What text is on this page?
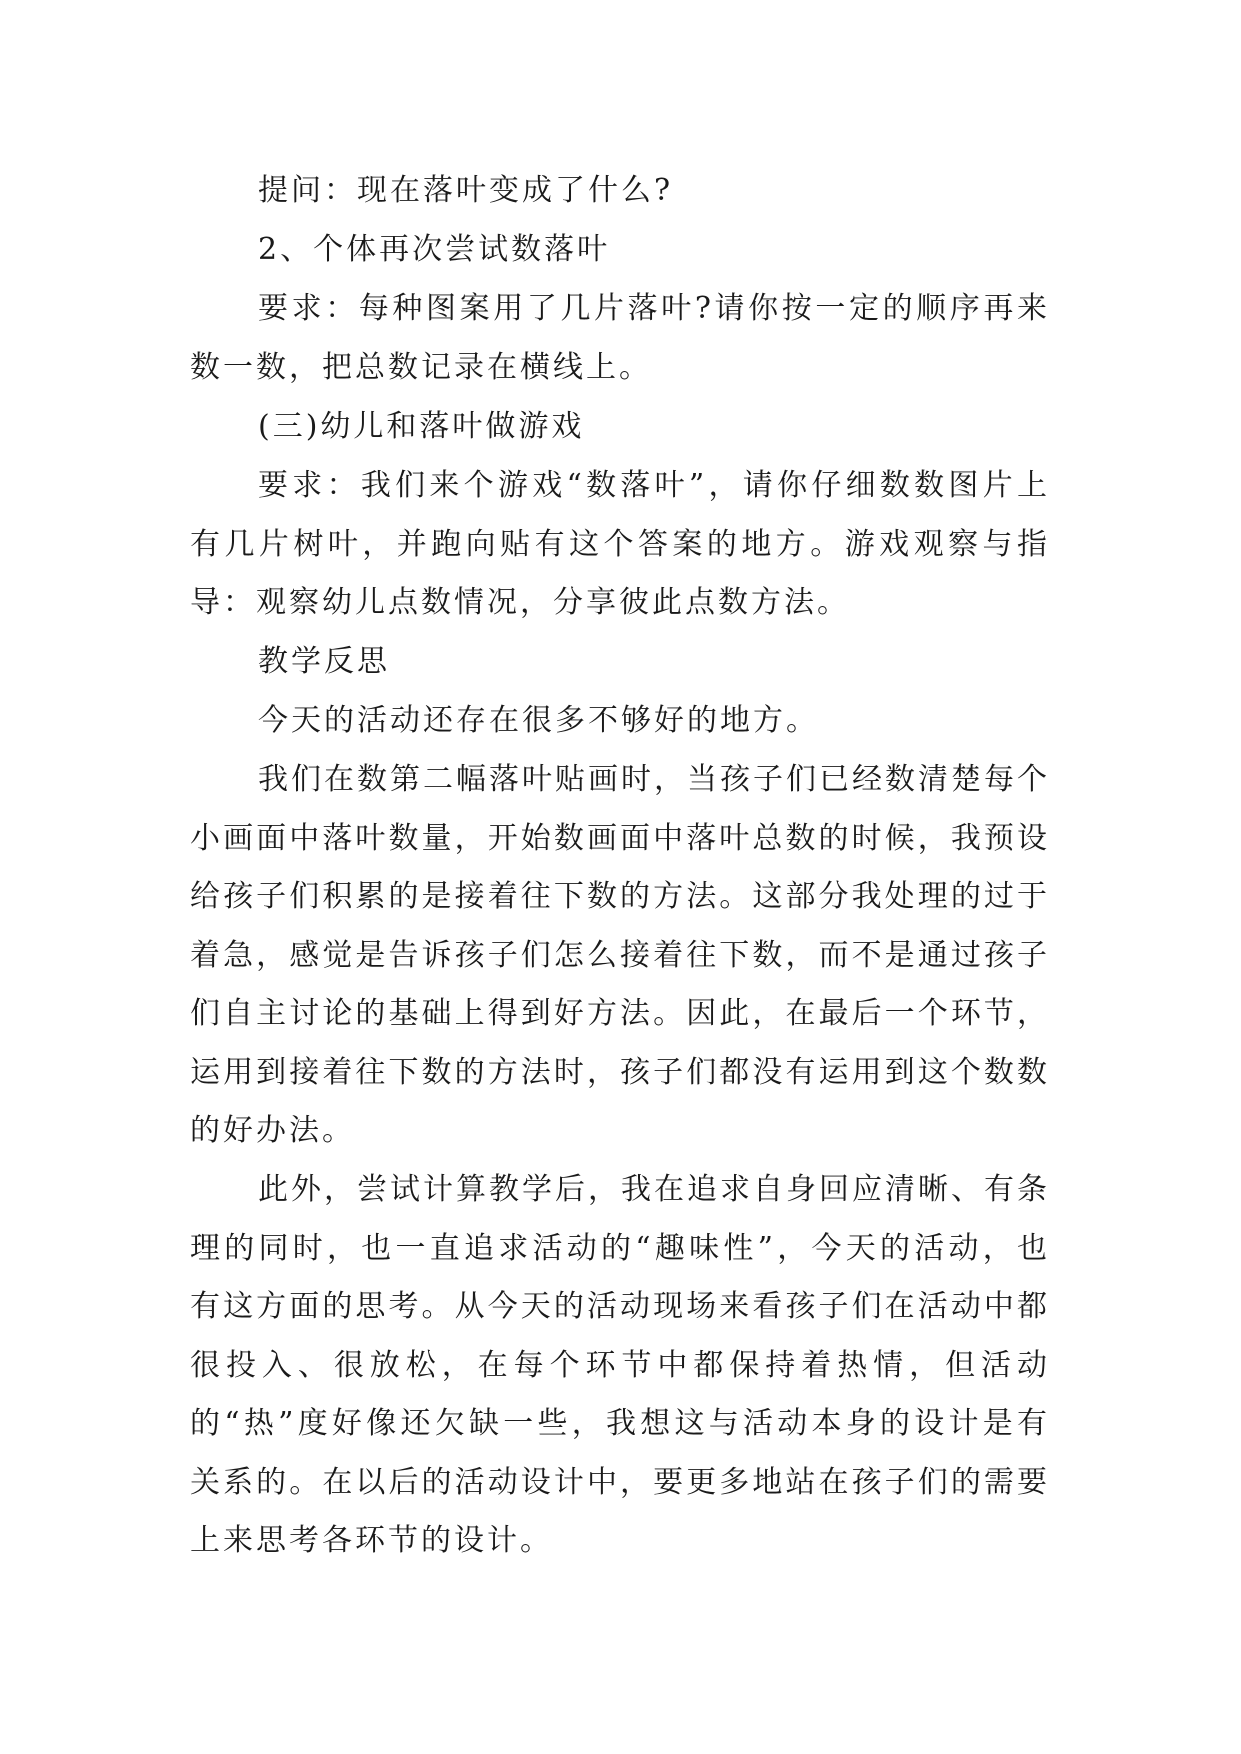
提问：现在落叶变成了什么?

2、个体再次尝试数落叶

要求：每种图案用了几片落叶?请你按一定的顺序再来数一数，把总数记录在横线上。

(三)幼儿和落叶做游戏

要求：我们来个游戏“数落叶”，请你仔细数数图片上有几片树叶，并跑向贴有这个答案的地方。游戏观察与指导：观察幼儿点数情况，分享彼此点数方法。

教学反思

今天的活动还存在很多不够好的地方。

我们在数第二幅落叶贴画时，当孩子们已经数清楚每个小画面中落叶数量，开始数画面中落叶总数的时候，我预设给孩子们积累的是接着往下数的方法。这部分我处理的过于着急，感觉是告诉孩子们怎么接着往下数，而不是通过孩子们自主讨论的基础上得到好方法。因此，在最后一个环节，运用到接着往下数的方法时，孩子们都没有运用到这个数数的好办法。

此外，尝试计算教学后，我在追求自身回应清晰、有条理的同时，也一直追求活动的“趣味性”，今天的活动，也有这方面的思考。从今天的活动现场来看孩子们在活动中都很投入、很放松，在每个环节中都保持着热情，但活动的“热”度好像还欠缺一些，我想这与活动本身的设计是有关系的。在以后的活动设计中，要更多地站在孩子们的需要上来思考各环节的设计。
